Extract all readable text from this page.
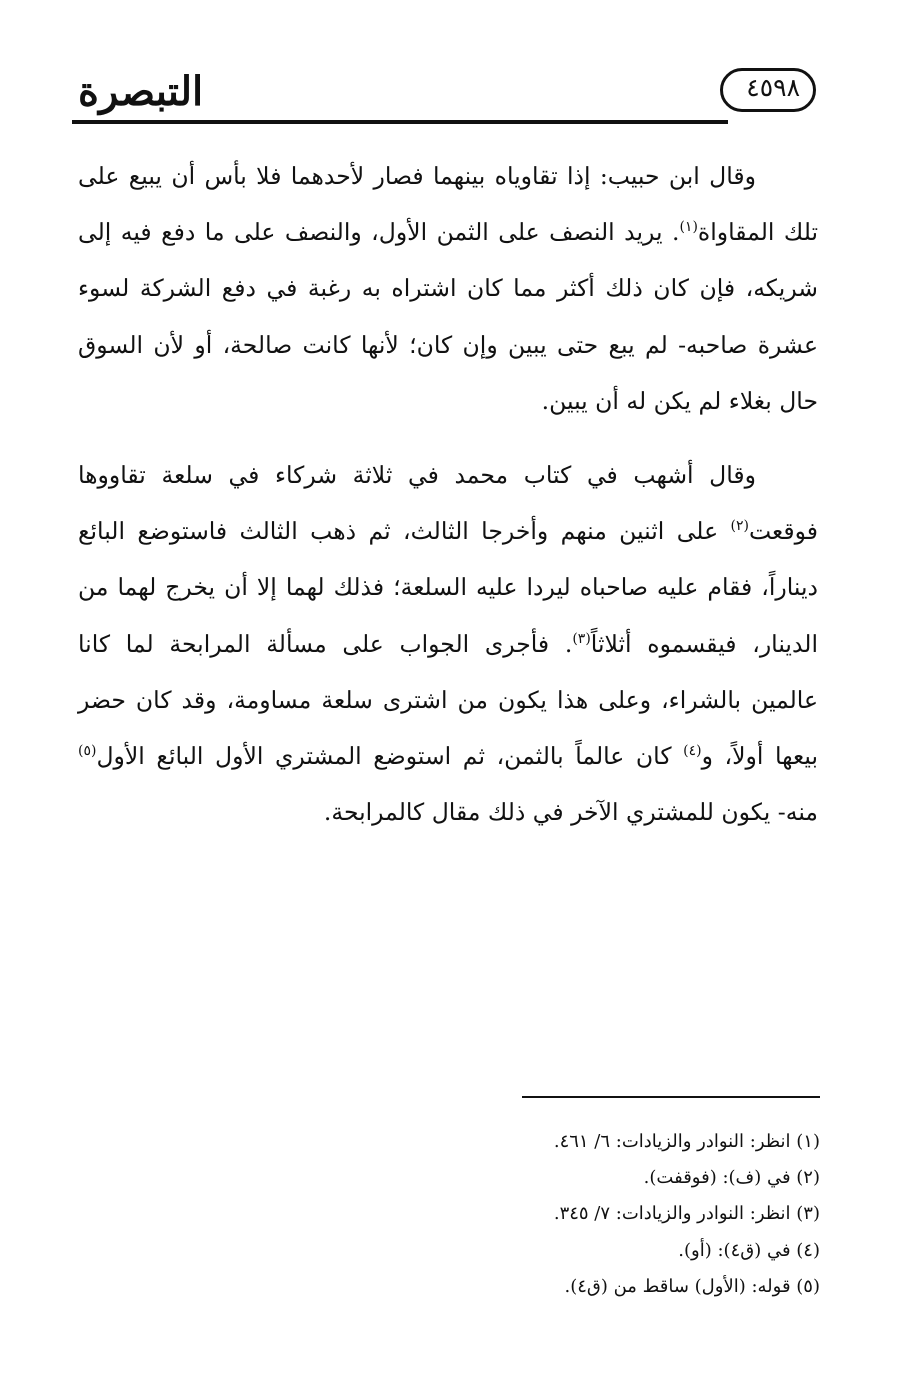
التبصرة	٤٥٩٨

وقال ابن حبيب: إذا تقاوياه بينهما فصار لأحدهما فلا بأس أن يبيع على تلك المقاواة$^{(١)}$. يريد النصف على الثمن الأول، والنصف على ما دفع فيه إلى شريكه، فإن كان ذلك أكثر مما كان اشتراه به رغبة في دفع الشركة لسوء عشرة صاحبه- لم يبع حتى يبين وإن كان؛ لأنها كانت صالحة، أو لأن السوق حال بغلاء لم يكن له أن يبين.

وقال أشهب في كتاب محمد في ثلاثة شركاء في سلعة تقاووها فوقعت$^{(٢)}$ على اثنين منهم وأخرجا الثالث، ثم ذهب الثالث فاستوضع البائع ديناراً، فقام عليه صاحباه ليردا عليه السلعة؛ فذلك لهما إلا أن يخرج لهما من الدينار، فيقسموه أثلاثاً$^{(٣)}$. فأجرى الجواب على مسألة المرابحة لما كانا عالمين بالشراء، وعلى هذا يكون من اشترى سلعة مساومة، وقد كان حضر بيعها أولاً، و$^{(٤)}$ كان عالماً بالثمن، ثم استوضع المشتري الأول البائع الأول$^{(٥)}$ منه- يكون للمشتري الآخر في ذلك مقال كالمرابحة.

(١) انظر: النوادر والزيادات: ٦/ ٤٦١.

(٢) في (ف): (فوقفت).

(٣) انظر: النوادر والزيادات: ٧/ ٣٤٥.

(٤) في (ق٤): (أو).

(٥) قوله: (الأول) ساقط من (ق٤).
